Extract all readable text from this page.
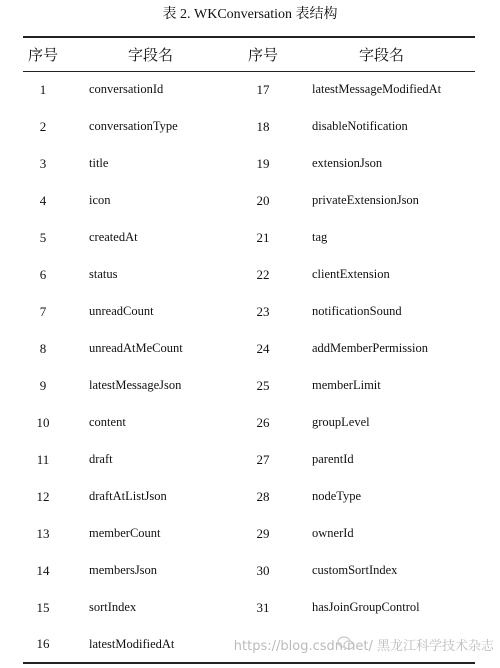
表 2. WKConversation 表结构
序号	字段名	序号	字段名
1	conversationId	17	latestMessageModifiedAt
2	conversationType	18	disableNotification
3	title	19	extensionJson
4	icon	20	privateExtensionJson
5	createdAt	21	tag
6	status	22	clientExtension
7	unreadCount	23	notificationSound
8	unreadAtMeCount	24	addMemberPermission
9	latestMessageJson	25	memberLimit
10	content	26	groupLevel
11	draft	27	parentId
12	draftAtListJson	28	nodeType
13	memberCount	29	ownerId
14	membersJson	30	customSortIndex
15	sortIndex	31	hasJoinGroupControl
16	latestModifiedAt			https://blog.csdn.net/ 黑龙江科学技术杂志
